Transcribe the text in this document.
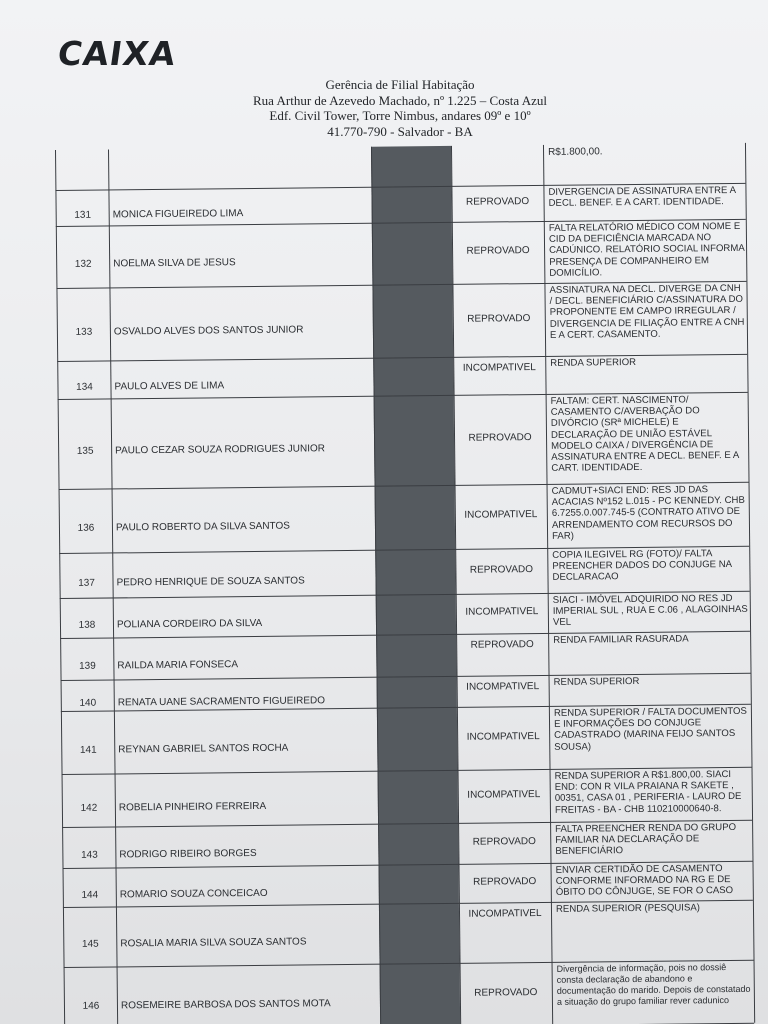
CAIXA
Gerência de Filial Habitação
Rua Arthur de Azevedo Machado, nº 1.225 – Costa Azul
Edf. Civil Tower, Torre Nimbus, andares 09º e 10º
41.770-790 - Salvador - BA
R$1.800,00.
131	MONICA FIGUEIREDO LIMA
REPROVADO
DIVERGENCIA DE ASSINATURA ENTRE A DECL. BENEF. E A CART. IDENTIDADE.
132	NOELMA SILVA DE JESUS
REPROVADO
FALTA RELATÓRIO MÉDICO COM NOME E CID DA DEFICIÊNCIA MARCADA NO CADÚNICO. RELATÓRIO SOCIAL INFORMA PRESENÇA DE COMPANHEIRO EM DOMICÍLIO.
133	OSVALDO ALVES DOS SANTOS JUNIOR
REPROVADO
ASSINATURA NA DECL. DIVERGE DA CNH / DECL. BENEFICIÁRIO C/ASSINATURA DO PROPONENTE EM CAMPO IRREGULAR / DIVERGENCIA DE FILIAÇÃO ENTRE A CNH E A CERT. CASAMENTO.
134	PAULO ALVES DE LIMA
INCOMPATIVEL	RENDA SUPERIOR
135	PAULO CEZAR SOUZA RODRIGUES JUNIOR
REPROVADO
FALTAM: CERT. NASCIMENTO/ CASAMENTO C/AVERBAÇÃO DO DIVÓRCIO (SRª MICHELE) E DECLARAÇÃO DE UNIÃO ESTÁVEL MODELO CAIXA / DIVERGÊNCIA DE ASSINATURA ENTRE A DECL. BENEF. E A CART. IDENTIDADE.
136	PAULO ROBERTO DA SILVA SANTOS
INCOMPATIVEL
CADMUT+SIACI END: RES JD DAS ACACIAS Nº152 L.015 - PC KENNEDY. CHB 6.7255.0.007.745-5 (CONTRATO ATIVO DE ARRENDAMENTO COM RECURSOS DO FAR)
137	PEDRO HENRIQUE DE SOUZA SANTOS
REPROVADO
COPIA ILEGIVEL RG (FOTO)/ FALTA PREENCHER DADOS DO CONJUGE NA DECLARACAO
138	POLIANA CORDEIRO DA SILVA
INCOMPATIVEL
SIACI - IMÓVEL ADQUIRIDO NO RES JD IMPERIAL SUL , RUA E C.06 , ALAGOINHAS VEL
139	RAILDA MARIA FONSECA
REPROVADO	RENDA FAMILIAR RASURADA
140	RENATA UANE SACRAMENTO FIGUEIREDO
INCOMPATIVEL	RENDA SUPERIOR
141	REYNAN GABRIEL SANTOS ROCHA
INCOMPATIVEL
RENDA SUPERIOR / FALTA DOCUMENTOS E INFORMAÇÕES DO CONJUGE CADASTRADO (MARINA FEIJO SANTOS SOUSA)
142	ROBELIA PINHEIRO FERREIRA
INCOMPATIVEL
RENDA SUPERIOR A R$1.800,00. SIACI END: CON R VILA PRAIANA R SAKETE , 00351, CASA 01 , PERIFERIA - LAURO DE FREITAS - BA - CHB 110210000640-8.
143	RODRIGO RIBEIRO BORGES
REPROVADO
FALTA PREENCHER RENDA DO GRUPO FAMILIAR NA DECLARAÇÃO DE BENEFICIÁRIO
144	ROMARIO SOUZA CONCEICAO
REPROVADO
ENVIAR CERTIDÃO DE CASAMENTO CONFORME INFORMADO NA RG E DE ÓBITO DO CÔNJUGE, SE FOR O CASO
145	ROSALIA MARIA SILVA SOUZA SANTOS
INCOMPATIVEL	RENDA SUPERIOR (PESQUISA)
146	ROSEMEIRE BARBOSA DOS SANTOS MOTA
REPROVADO
Divergência de informação, pois no dossiê consta declaração de abandono e documentação do marido. Depois de constatado a situação do grupo familiar rever cadunico
